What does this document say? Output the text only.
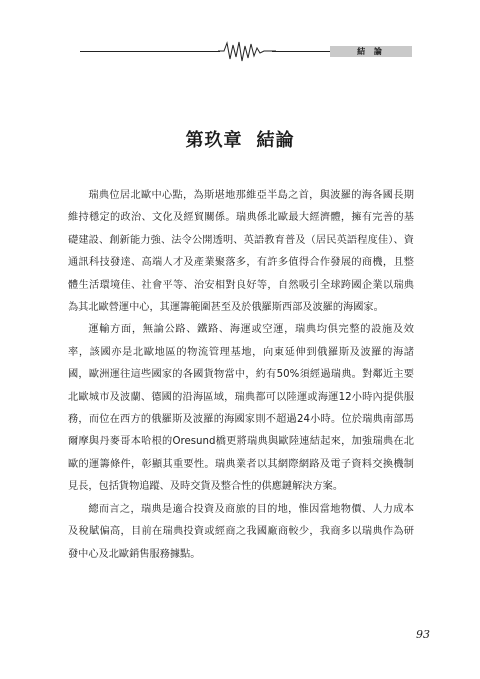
結 論
第玖章 結論

瑞典位居北歐中心點，為斯堪地那維亞半島之首，與波羅的海各國長期維持穩定的政治、文化及經貿關係。瑞典係北歐最大經濟體，擁有完善的基礎建設、創新能力強、法令公開透明、英語教育普及（居民英語程度佳）、資通訊科技發達、高端人才及產業聚落多，有許多值得合作發展的商機，且整體生活環境佳、社會平等、治安相對良好等，自然吸引全球跨國企業以瑞典為其北歐營運中心，其運籌範圍甚至及於俄羅斯西部及波羅的海國家。

運輸方面，無論公路、鐵路、海運或空運，瑞典均俱完整的設施及效率，該國亦是北歐地區的物流管理基地，向東延伸到俄羅斯及波羅的海諸國，歐洲運往這些國家的各國貨物當中，約有50%須經過瑞典。對鄰近主要北歐城市及波蘭、德國的沿海區域，瑞典都可以陸運或海運12小時內提供服務，而位在西方的俄羅斯及波羅的海國家則不超過24小時。位於瑞典南部馬爾摩與丹麥哥本哈根的Oresund橋更將瑞典與歐陸連結起來，加強瑞典在北歐的運籌條件，彰顯其重要性。瑞典業者以其網際網路及電子資料交換機制見長，包括貨物追蹤、及時交貨及整合性的供應鏈解決方案。

總而言之，瑞典是適合投資及商旅的目的地，惟因當地物價、人力成本及稅賦偏高，目前在瑞典投資或經商之我國廠商較少，我商多以瑞典作為研發中心及北歐銷售服務據點。

93
